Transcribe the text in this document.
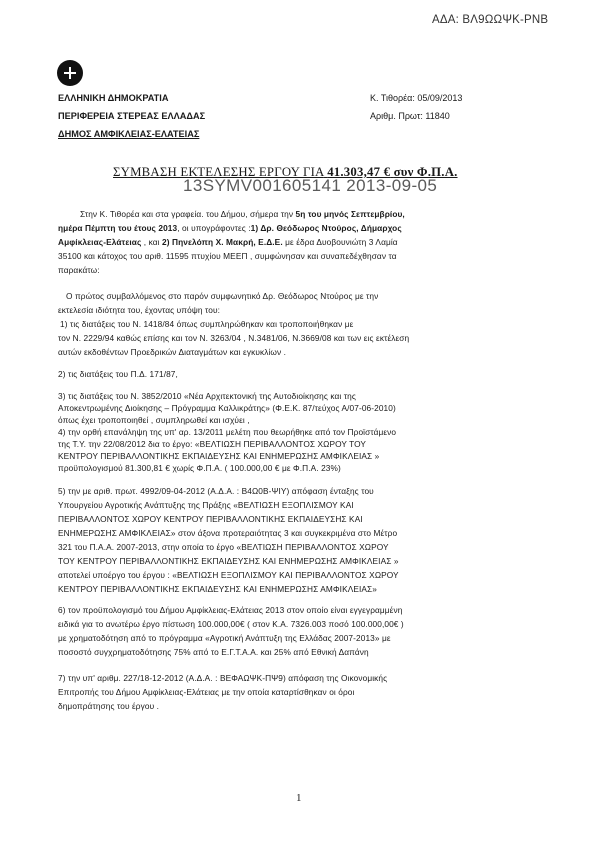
ΑΔΑ: ΒΛ9ΩΩΨΚ-ΡΝΒ
ΕΛΛΗΝΙΚΗ ΔΗΜΟΚΡΑΤΙΑ
ΠΕΡΙΦΕΡΕΙΑ ΣΤΕΡΕΑΣ ΕΛΛΑΔΑΣ
ΔΗΜΟΣ ΑΜΦΙΚΛΕΙΑΣ-ΕΛΑΤΕΙΑΣ
Κ. Τιθορέα: 05/09/2013
Αριθμ. Πρωτ: 11840
ΣΥΜΒΑΣΗ ΕΚΤΕΛΕΣΗΣ ΕΡΓΟΥ ΓΙΑ 41.303,47 € συν Φ.Π.Α.
13SYMV001605141 2013-09-05
Στην Κ. Τιθορέα και στα γραφεία. του Δήμου, σήμερα την 5η του μηνός Σεπτεμβρίου,
ημέρα Πέμπτη του έτους 2013, οι υπογράφοντες :1) Δρ. Θεόδωρος Ντούρος, Δήμαρχος
Αμφίκλειας-Ελάτειας , και 2) Πηνελόπη Χ. Μακρή, Ε.Δ.Ε. με έδρα Δυοβουνιώτη 3 Λαμία
35100 και κάτοχος του αριθ. 11595 πτυχίου ΜΕΕΠ , συμφώνησαν και συναπεδέχθησαν τα
παρακάτω:
Ο πρώτος συμβαλλόμενος στο παρόν συμφωνητικό Δρ. Θεόδωρος Ντούρος με την
εκτελεσία ιδιότητα του, έχοντας υπόψη του:
1) τις διατάξεις του Ν. 1418/84 όπως συμπληρώθηκαν και τροποποιήθηκαν με
τον Ν. 2229/94 καθώς επίσης και τον Ν. 3263/04 , Ν.3481/06, Ν.3669/08 και των εις εκτέλεση
αυτών εκδοθέντων Προεδρικών Διαταγμάτων και εγκυκλίων .
2) τις διατάξεις του Π.Δ. 171/87,
3) τις διατάξεις του Ν. 3852/2010 «Νέα Αρχιτεκτονική της Αυτοδιοίκησης και της
Αποκεντρωμένης Διοίκησης – Πρόγραμμα Καλλικράτης» (Φ.Ε.Κ. 87/τεύχος Α/07-06-2010)
όπως έχει τροποποιηθεί , συμπληρωθεί και ισχύει ,
4) την ορθή επανάληψη της υπ' αρ. 13/2011 μελέτη που θεωρήθηκε από τον Προϊστάμενο
της Τ.Υ. την 22/08/2012 δια το έργο: «ΒΕΛΤΙΩΣΗ ΠΕΡΙΒΑΛΛΟΝΤΟΣ ΧΩΡΟΥ ΤΟΥ
ΚΕΝΤΡΟΥ ΠΕΡΙΒΑΛΛΟΝΤΙΚΗΣ ΕΚΠΑΙΔΕΥΣΗΣ ΚΑΙ ΕΝΗΜΕΡΩΣΗΣ ΑΜΦΙΚΛΕΙΑΣ »
προϋπολογισμού 81.300,81 € χωρίς Φ.Π.Α. ( 100.000,00 € με Φ.Π.Α. 23%)
5) την με αριθ. πρωτ. 4992/09-04-2012 (Α.Δ.Α. : Β4Ω0Β-ΨΙΥ) απόφαση ένταξης του
Υπουργείου Αγροτικής Ανάπτυξης της Πράξης «ΒΕΛΤΙΩΣΗ ΕΞΟΠΛΙΣΜΟΥ ΚΑΙ
ΠΕΡΙΒΑΛΛΟΝΤΟΣ ΧΩΡΟΥ ΚΕΝΤΡΟΥ ΠΕΡΙΒΑΛΛΟΝΤΙΚΗΣ ΕΚΠΑΙΔΕΥΣΗΣ ΚΑΙ
ΕΝΗΜΕΡΩΣΗΣ ΑΜΦΙΚΛΕΙΑΣ» στον άξονα προτεραιότητας 3 και συγκεκριμένα στο Μέτρο
321 του Π.Α.Α. 2007-2013, στην οποία το έργο «ΒΕΛΤΙΩΣΗ ΠΕΡΙΒΑΛΛΟΝΤΟΣ ΧΩΡΟΥ
ΤΟΥ ΚΕΝΤΡΟΥ ΠΕΡΙΒΑΛΛΟΝΤΙΚΗΣ ΕΚΠΑΙΔΕΥΣΗΣ ΚΑΙ ΕΝΗΜΕΡΩΣΗΣ ΑΜΦΙΚΛΕΙΑΣ »
αποτελεί υποέργο του έργου : «ΒΕΛΤΙΩΣΗ ΕΞΟΠΛΙΣΜΟΥ ΚΑΙ ΠΕΡΙΒΑΛΛΟΝΤΟΣ ΧΩΡΟΥ
ΚΕΝΤΡΟΥ ΠΕΡΙΒΑΛΛΟΝΤΙΚΗΣ ΕΚΠΑΙΔΕΥΣΗΣ ΚΑΙ ΕΝΗΜΕΡΩΣΗΣ ΑΜΦΙΚΛΕΙΑΣ»
6) τον προϋπολογισμό του Δήμου Αμφίκλειας-Ελάτειας 2013 στον οποίο είναι εγγεγραμμένη
ειδικά για το ανωτέρω έργο πίστωση 100.000,00€ ( στον Κ.Α. 7326.003 ποσό 100.000,00€ )
με χρηματοδότηση από το πρόγραμμα «Αγροτική Ανάπτυξη της Ελλάδας 2007-2013» με
ποσοστό συγχρηματοδότησης 75% από το Ε.Γ.Τ.Α.Α. και 25% από Εθνική Δαπάνη
7) την υπ' αριθμ. 227/18-12-2012 (Α.Δ.Α. : ΒΕΦΑΩΨΚ-ΠΨ9) απόφαση της Οικονομικής
Επιτροπής του Δήμου Αμφίκλειας-Ελάτειας με την οποία καταρτίσθηκαν οι όροι
δημοπράτησης του έργου .
1
